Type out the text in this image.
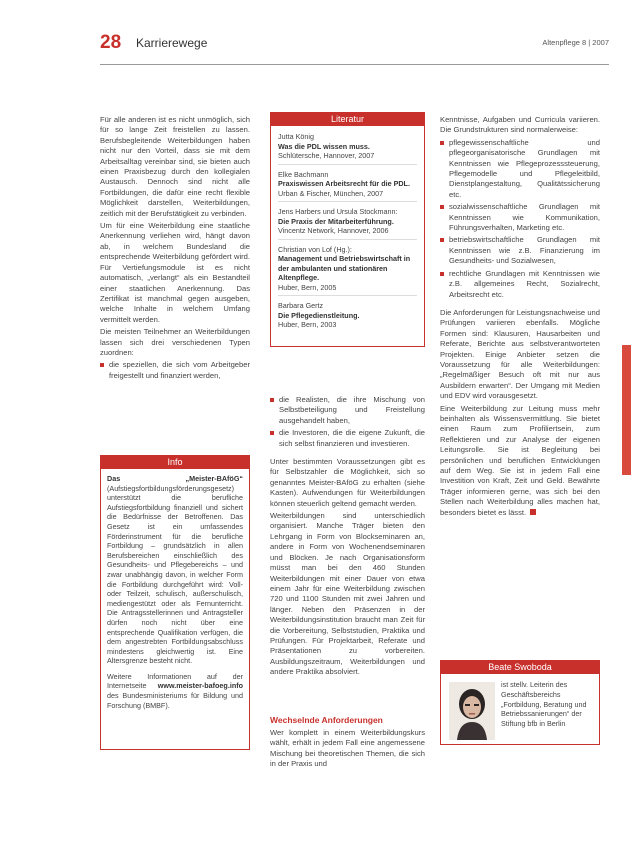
28 Karrierewege	Altenpflege 8 | 2007

Für alle anderen ist es nicht unmöglich, sich für so lange Zeit freistellen zu lassen. Berufsbegleitende Weiterbildungen haben nicht nur den Vorteil, dass sie mit dem Arbeitsalltag vereinbar sind, sie bieten auch einen Praxisbezug durch den kollegialen Austausch. Dennoch sind nicht alle Fortbildungen, die dafür eine recht flexible Möglichkeit darstellen, Weiterbildungen, zeitlich mit der Berufstätigkeit zu verbinden.

Um für eine Weiterbildung eine staatliche Anerkennung verliehen wird, hängt davon ab, in welchem Bundesland die entsprechende Weiterbildung gefördert wird. Für Vertiefungsmodule ist es nicht automatisch, „verlangt“ als ein Bestandteil einer staatlichen Anerkennung. Das Zertifikat ist manchmal gegen ausgeben, welche Inhalte in welchem Umfang vermittelt werden.

Die meisten Teilnehmer an Weiterbildungen lassen sich drei verschiedenen Typen zuordnen:

die speziellen, die sich vom Arbeitgeber freigestellt und finanziert werden,
Literatur
Jutta König
Was die PDL wissen muss.
Schlütersche, Hannover, 2007
Elke Bachmann
Praxiswissen Arbeitsrecht für die PDL.
Urban & Fischer, München, 2007
Jens Harbers und Ursula Stockmann:
Die Praxis der Mitarbeiterführung.
Vincentz Network, Hannover, 2006
Christian von Lof (Hg.):
Management und Betriebswirtschaft in der ambulanten und stationären Altenpflege.
Huber, Bern, 2005
Barbara Gertz
Die Pflegedienstleitung.
Huber, Bern, 2003
die Realisten, die ihre Mischung von Selbstbeteiligung und Freistellung ausgehandelt haben,
die Investoren, die die eigene Zukunft, die sich selbst finanzieren und investieren.

Unter bestimmten Voraussetzungen gibt es für Selbstzahler die Möglichkeit, sich so genanntes Meister-BAföG zu erhalten (siehe Kasten). Aufwendungen für Weiterbildungen können steuerlich geltend gemacht werden.

Weiterbildungen sind unterschiedlich organisiert. Manche Träger bieten den Lehrgang in Form von Blockseminaren an, andere in Form von Wochenendseminaren und Blöcken. Je nach Organisationsform müsst man bei den 460 Stunden Weiterbildungen mit einer Dauer von etwa einem Jahr für eine Weiterbildung zwischen 720 und 1100 Stunden mit zwei Jahren und länger. Neben den Präsenzen in der Weiterbildungsinstitution braucht man Zeit für die Vorbereitung, Selbststudien, Praktika und Prüfungen. Für Projektarbeit, Referate und Präsentationen zu vorbereiten. Ausbildungszeitraum, Weiterbildungen und andere Praktika absolviert.

Wechselnde Anforderungen
Wer komplett in einem Weiterbildungskurs wählt, erhält in jedem Fall eine angemessene Mischung bei theoretischen Themen, die sich in der Praxis und
Info
Das „Meister-BAföG“ (Aufstiegsfortbildungsförderungsgesetz) unterstützt die berufliche Aufstiegsfortbildung finanziell und sichert die Bedürfnisse der Betroffenen. Das Gesetz ist ein umfassendes Förderinstrument für die berufliche Fortbildung – grundsätzlich in allen Berufsbereichen einschließlich des Gesundheits- und Pflegebereichs – und zwar unabhängig davon, in welcher Form die Fortbildung durchgeführt wird: Voll- oder Teilzeit, schulisch, außerschulisch, mediengestützt oder als Fernunterricht. Die Antragsstellerinnen und Antragsteller dürfen noch nicht über eine entsprechende Qualifikation verfügen, die dem angestrebten Fortbildungsabschluss mindestens gleichwertig ist. Eine Altersgrenze besteht nicht.
Weitere Informationen auf der Internetseite www.meister-bafoeg.info des Bundesministeriums für Bildung und Forschung (BMBF).

Kenntnisse, Aufgaben und Curricula variieren. Die Grundstrukturen sind normalerweise:

pflegewissenschaftliche und pflegeorganisatorische Grundlagen mit Kenntnissen wie Pflegeprozesssteuerung, Pflegemodelle und Pflegeleitbild, Dienstplangestaltung, Qualitätssicherung etc.
sozialwissenschaftliche Grundlagen mit Kenntnissen wie Kommunikation, Führungsverhalten, Marketing etc.
betriebswirtschaftliche Grundlagen mit Kenntnissen wie z.B. Finanzierung im Gesundheits- und Sozialwesen,
rechtliche Grundlagen mit Kenntnissen wie z.B. allgemeines Recht, Sozialrecht, Arbeitsrecht etc.

Die Anforderungen für Leistungsnachweise und Prüfungen variieren ebenfalls. Mögliche Formen sind: Klausuren, Hausarbeiten und Referate, Berichte aus selbstverantworteten Projekten. Einige Anbieter setzen die Voraussetzung für alle Weiterbildungen: „Regelmäßiger Besuch oft mit nur aus Ausbildern erwarten“. Der Umgang mit Medien und EDV wird vorausgesetzt.

Eine Weiterbildung zur Leitung muss mehr beinhalten als Wissensvermittlung. Sie bietet einen Raum zum Profiliertsein, zum Reflektieren und zur Analyse der eigenen Leitungsrolle. Sie ist Begleitung bei persönlichen und beruflichen Entwicklungen auf dem Weg. Sie ist in jedem Fall eine Investition von Kraft, Zeit und Geld. Bewährte Träger informieren gerne, was sich bei den Stellen nach Weiterbildung alles machen hat, besonders bietet es lässt.

Beate Swoboda
ist stellv. Leiterin des Geschäftsbereichs „Fortbildung, Beratung und Betriebssanierungen“ der Stiftung bfb in Berlin
